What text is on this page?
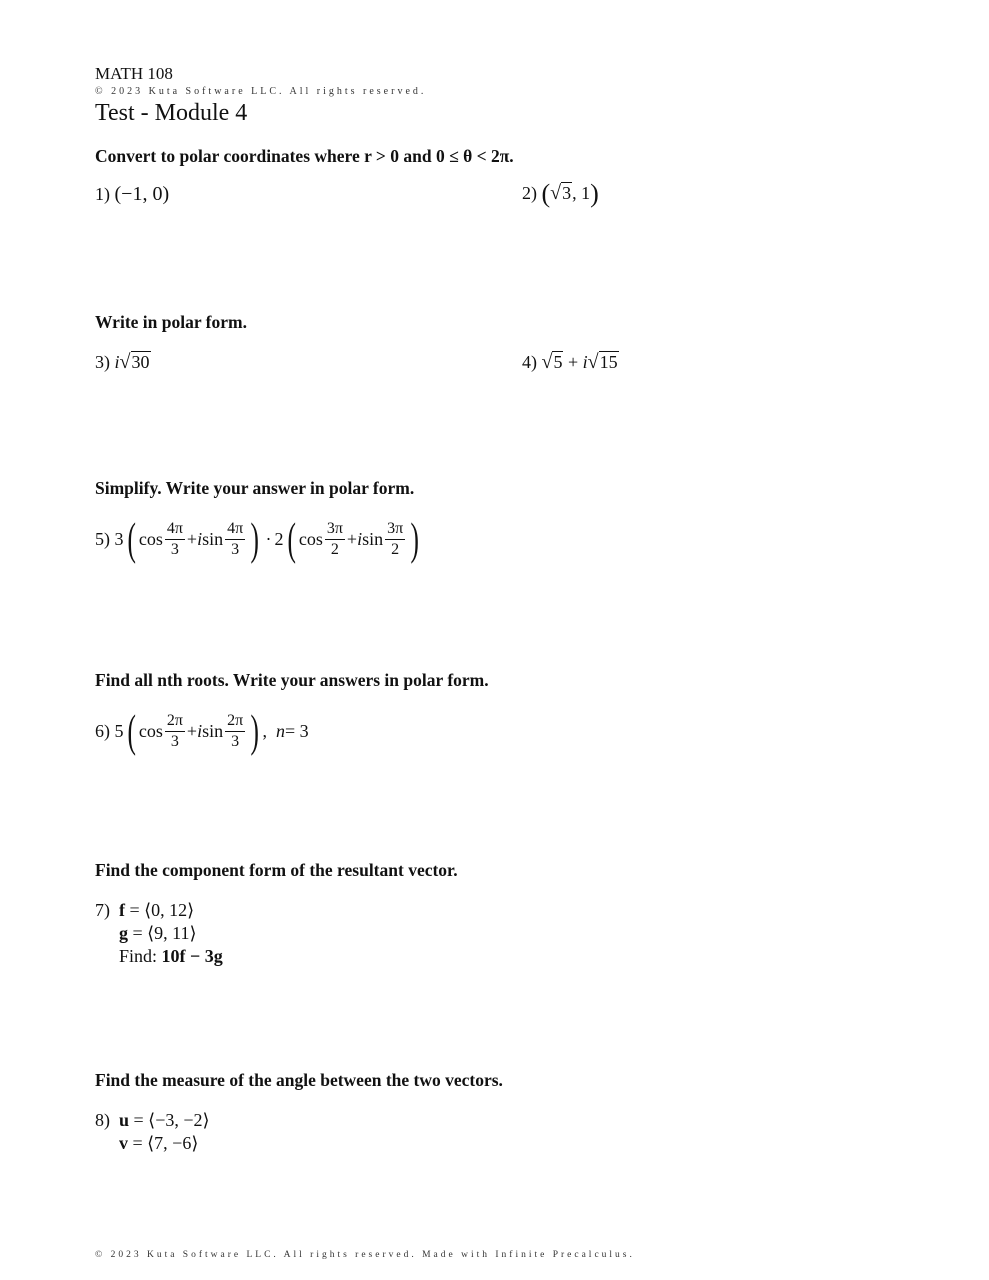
MATH 108
© 2023 Kuta Software LLC. All rights reserved.
Test - Module 4
Convert to polar coordinates where r > 0 and 0 ≤ θ < 2π.
1) (−1, 0)	2) (√3, 1)
Write in polar form.
3) i√30	4) √5 + i√15
Simplify. Write your answer in polar form.
5)
3 ( $\cos \frac{4\pi}{3} + i$ $\sin \frac{4\pi}{3}$ ) · 2 ( $\cos \frac{3\pi}{2} + i$ $\sin \frac{3\pi}{2}$ )
Find all nth roots. Write your answers in polar form.
6)
5 ( $\cos \frac{2\pi}{3} + i$ $\sin \frac{2\pi}{3}$ ) ,
n = 3
Find the component form of the resultant vector.
7) f = ⟨0, 12⟩
g = ⟨9, 11⟩
Find: 10f − 3g
Find the measure of the angle between the two vectors.
8) u = ⟨−3, −2⟩
v = ⟨7, −6⟩
© 2023 Kuta Software LLC. All rights reserved. Made with Infinite Precalculus.
